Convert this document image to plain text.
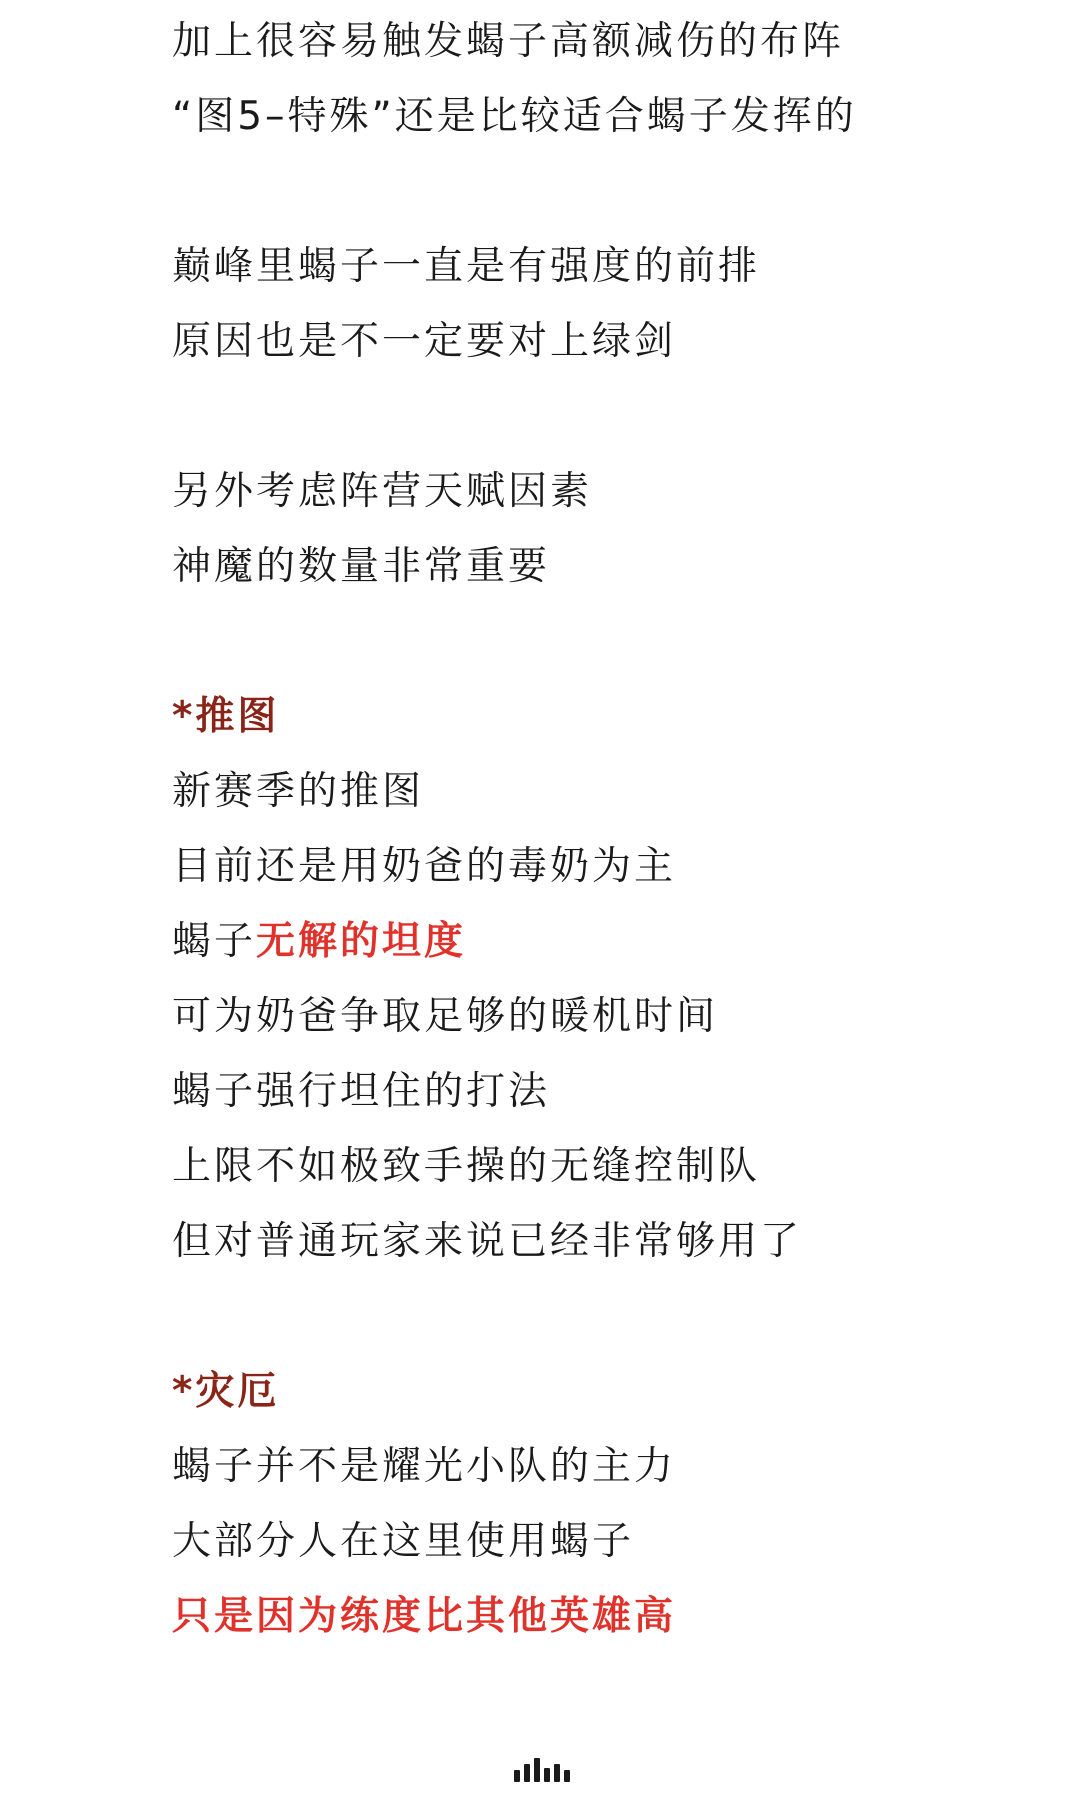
加上很容易触发蝎子高额减伤的布阵
“图5–特殊”还是比较适合蝎子发挥的
巅峰里蝎子一直是有强度的前排
原因也是不一定要对上绿剑
另外考虑阵营天赋因素
神魔的数量非常重要
*推图
新赛季的推图
目前还是用奶爸的毒奶为主
蝎子无解的坦度
可为奶爸争取足够的暖机时间
蝎子强行坦住的打法
上限不如极致手操的无缝控制队
但对普通玩家来说已经非常够用了
*灾厄
蝎子并不是耀光小队的主力
大部分人在这里使用蝎子
只是因为练度比其他英雄高
